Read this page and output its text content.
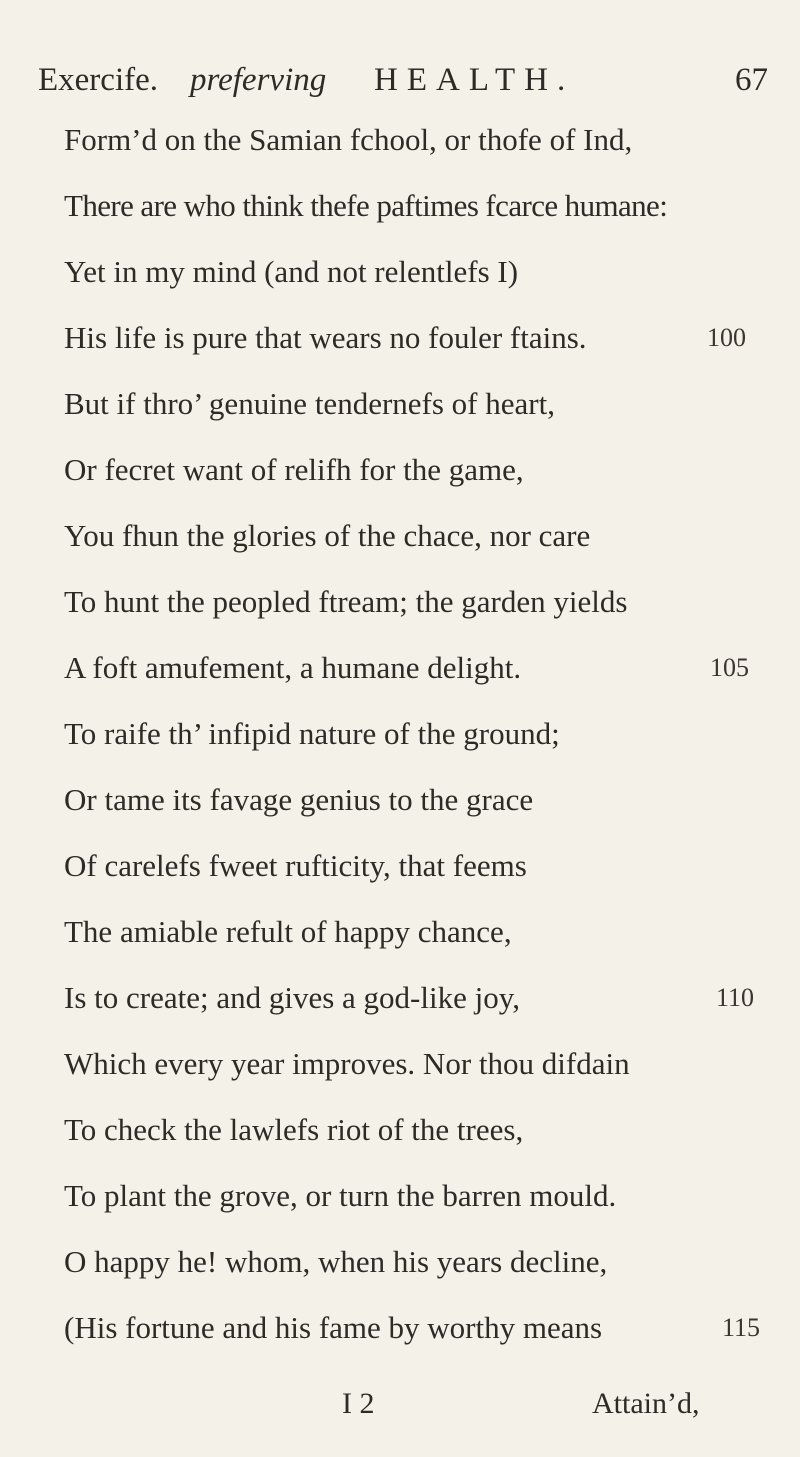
Exercife. preferving HEALTH.	67
Form’d on the Samian fchool, or thofe of Ind,
There are who think thefe paftimes fcarce humane:
Yet in my mind (and not relentlefs I)
His life is pure that wears no fouler ftains.
But if thro’ genuine tendernefs of heart,
Or fecret want of relifh for the game,
You fhun the glories of the chace, nor care
To hunt the peopled ftream; the garden yields
A foft amufement, a humane delight.
To raife th’ infipid nature of the ground;
Or tame its favage genius to the grace
Of carelefs fweet rufticity, that feems
The amiable refult of happy chance,
Is to create; and gives a god-like joy,
Which every year improves. Nor thou difdain
To check the lawlefs riot of the trees,
To plant the grove, or turn the barren mould.
O happy he! whom, when his years decline,
(His fortune and his fame by worthy means
100
105
110
115
I 2	Attain’d,
